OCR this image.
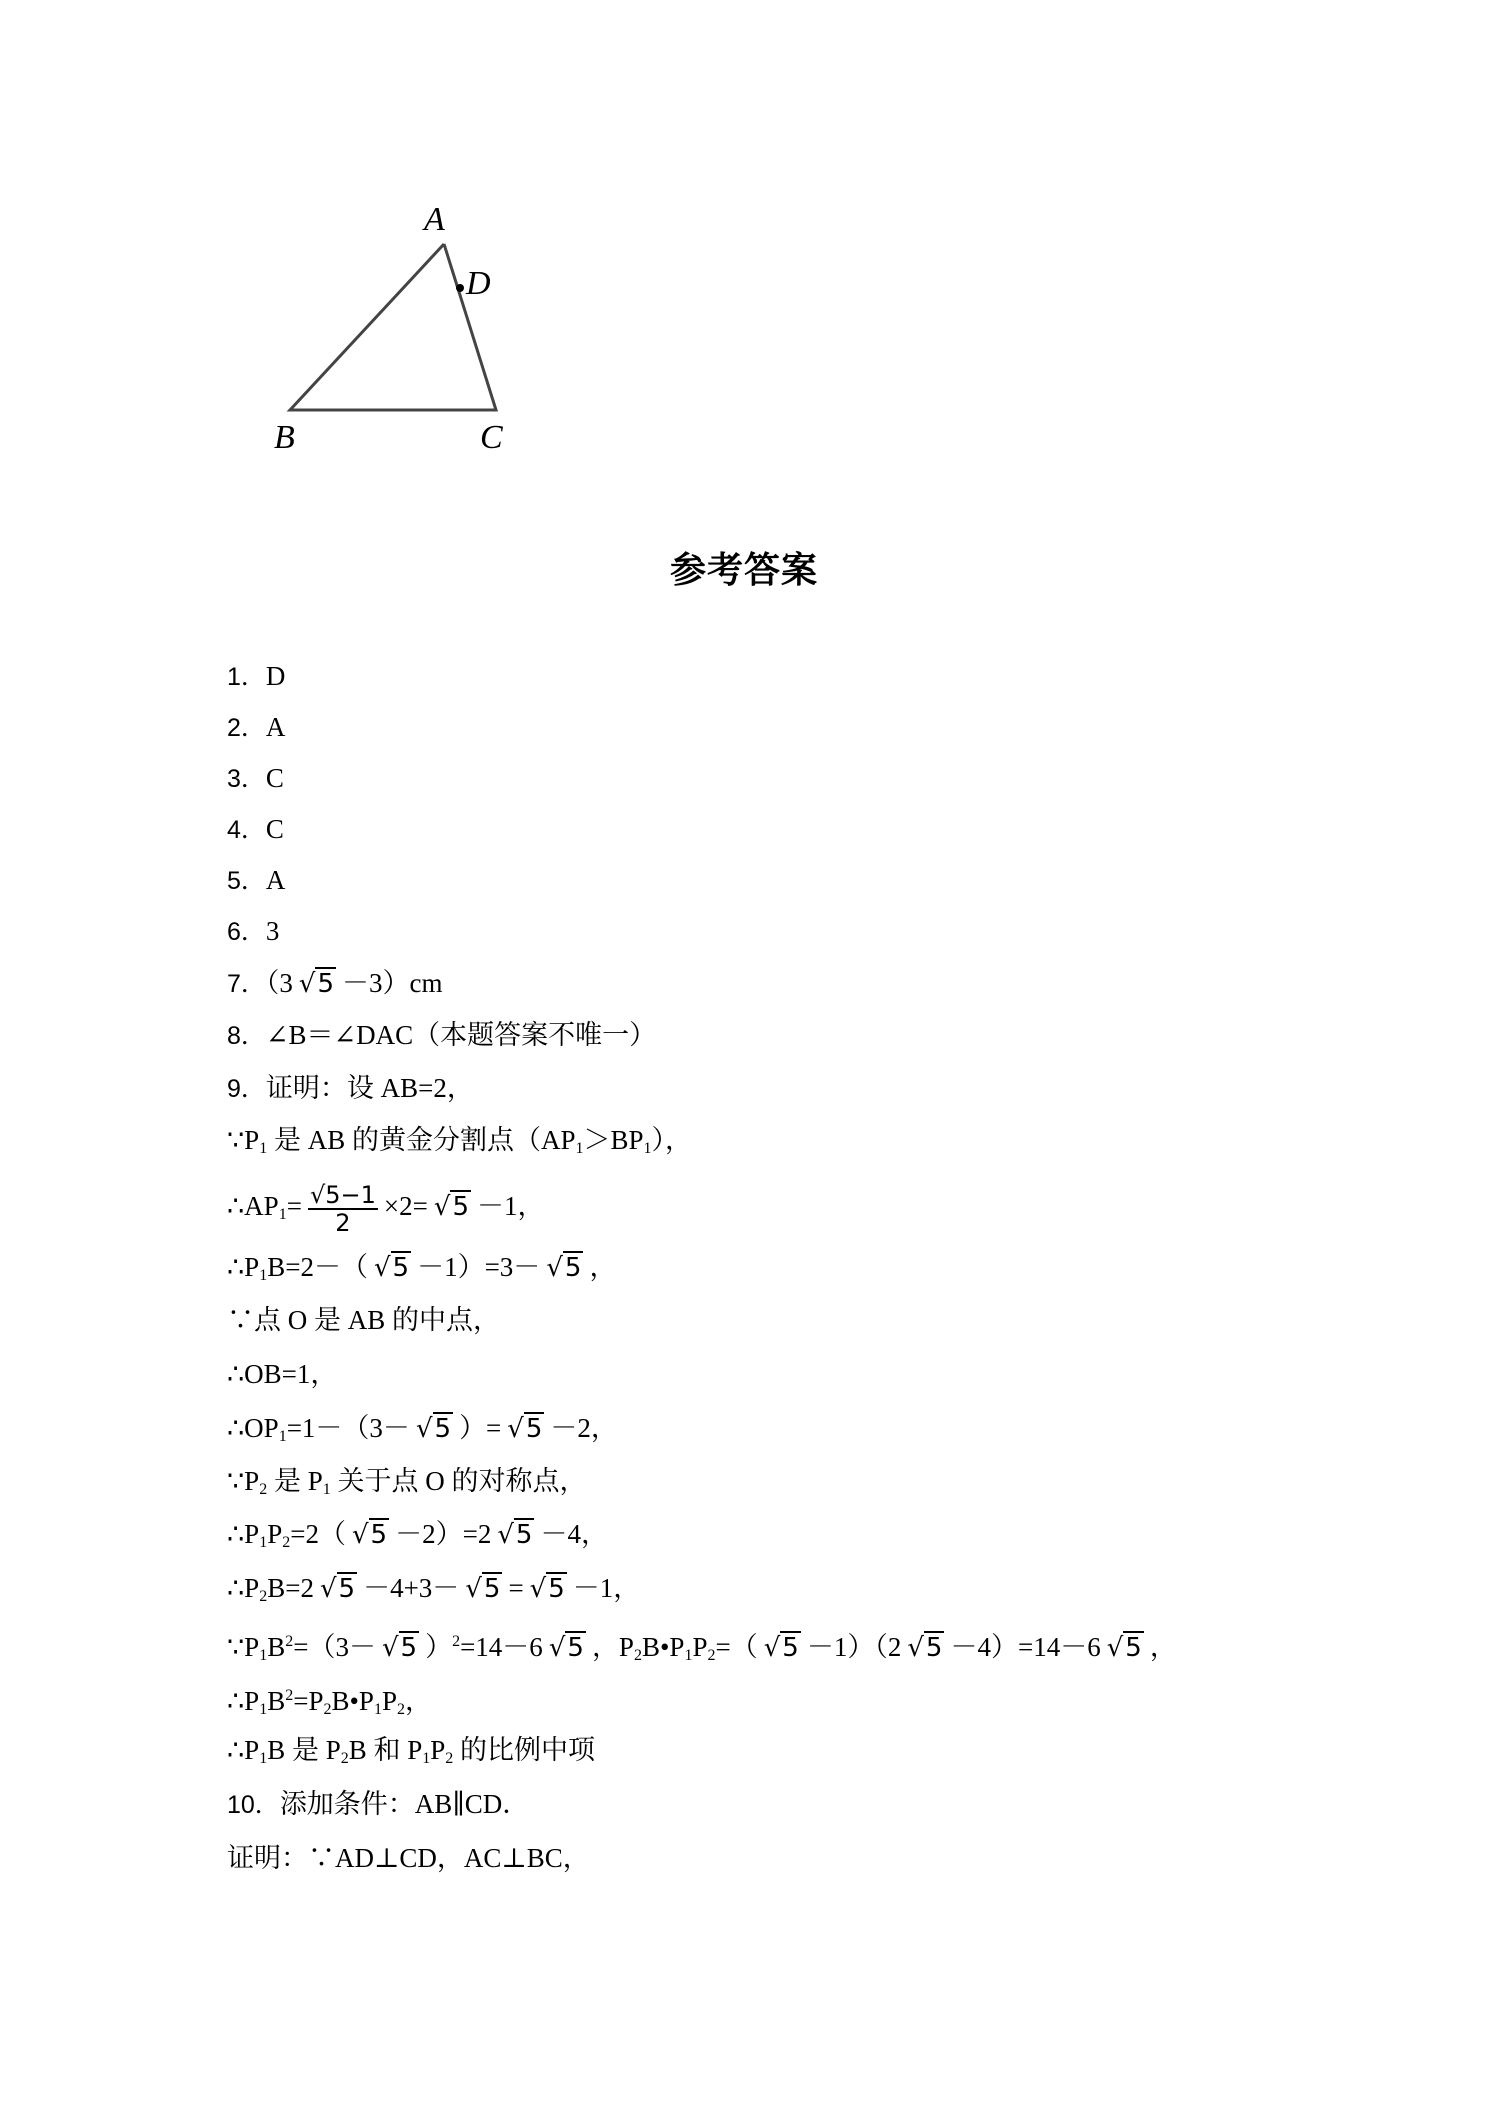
A
D
B	C
参考答案
1．D
2．A
3．C
4．C
5．A
6．3
7．（3 √5 －3）cm
8．∠B＝∠DAC（本题答案不唯一）
9．证明：设 AB=2，
$\because P_1$ 是 AB 的黄金分割点$(AP_1>BP_1)$，
$\therefore AP_1= \frac{√5-1}{2} \times 2= √5 -1$，
$\therefore P_1B=2-$（ √5 －1）=3－ √5 ，
∵点 O 是 AB 的中点，
∴OB=1，
$\therefore OP_1=1-(3- √5$ ）= √5 －2，
$\because P_2$ 是 $P_1$ 关于点 O 的对称点，
$\therefore P_1P_2=2$（ √5 －2）=2 √5 －4，
$\therefore P_2B=2$ √5 －4+3－ √5 = √5 －1，
$\because P_1B^2=(3- √5$ ）$^2$=14－6 √5 ，$P_2B•P_1P_2=$（ √5 －1）（2 √5 －4）=14－6 √5 ，
$\therefore P_1B^2=P_2B•P_1P_2$，
$\therefore P_1B$ 是 $P_2B$ 和 $P_1P_2$ 的比例中项
10．添加条件：AB∥CD．
证明：∵AD⊥CD，AC⊥BC，
